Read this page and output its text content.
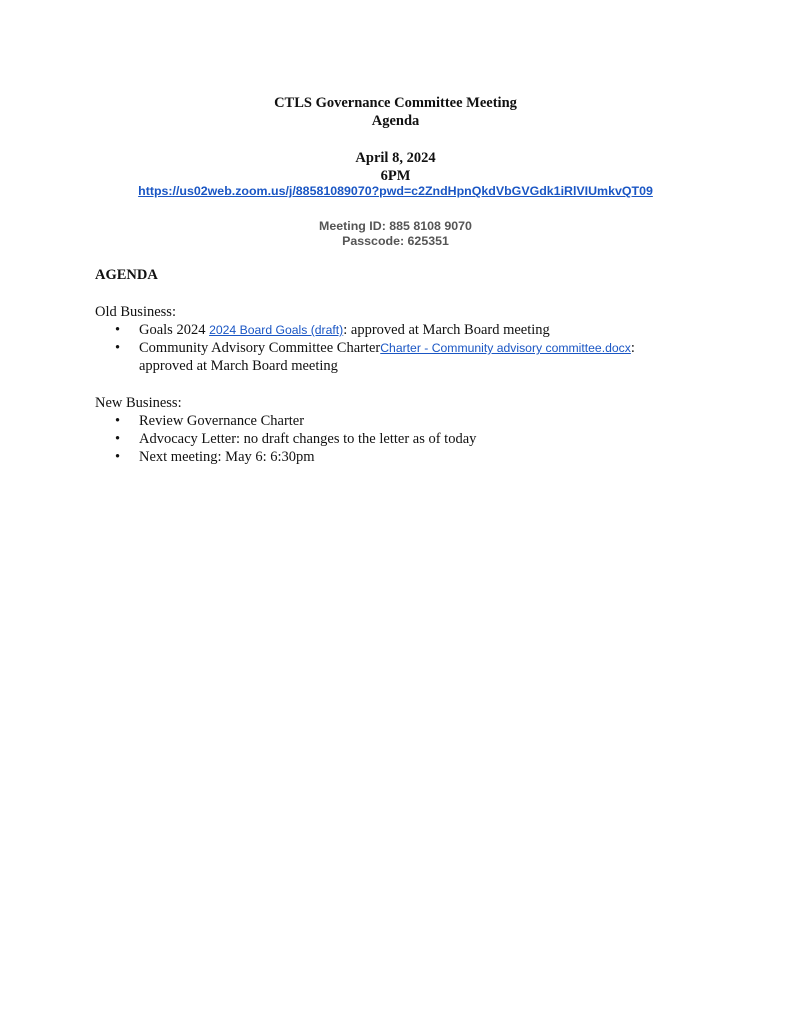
CTLS Governance Committee Meeting
Agenda
April 8, 2024
6PM
https://us02web.zoom.us/j/88581089070?pwd=c2ZndHpnQkdVbGVGdk1iRlVIUmkvQT09
Meeting ID: 885 8108 9070
Passcode: 625351
AGENDA
Old Business:
•	Goals 2024 2024 Board Goals (draft): approved at March Board meeting
•	Community Advisory Committee CharterCharter - Community advisory committee.docx:
approved at March Board meeting
New Business:
•	Review Governance Charter
•	Advocacy Letter: no draft changes to the letter as of today
•	Next meeting: May 6: 6:30pm
